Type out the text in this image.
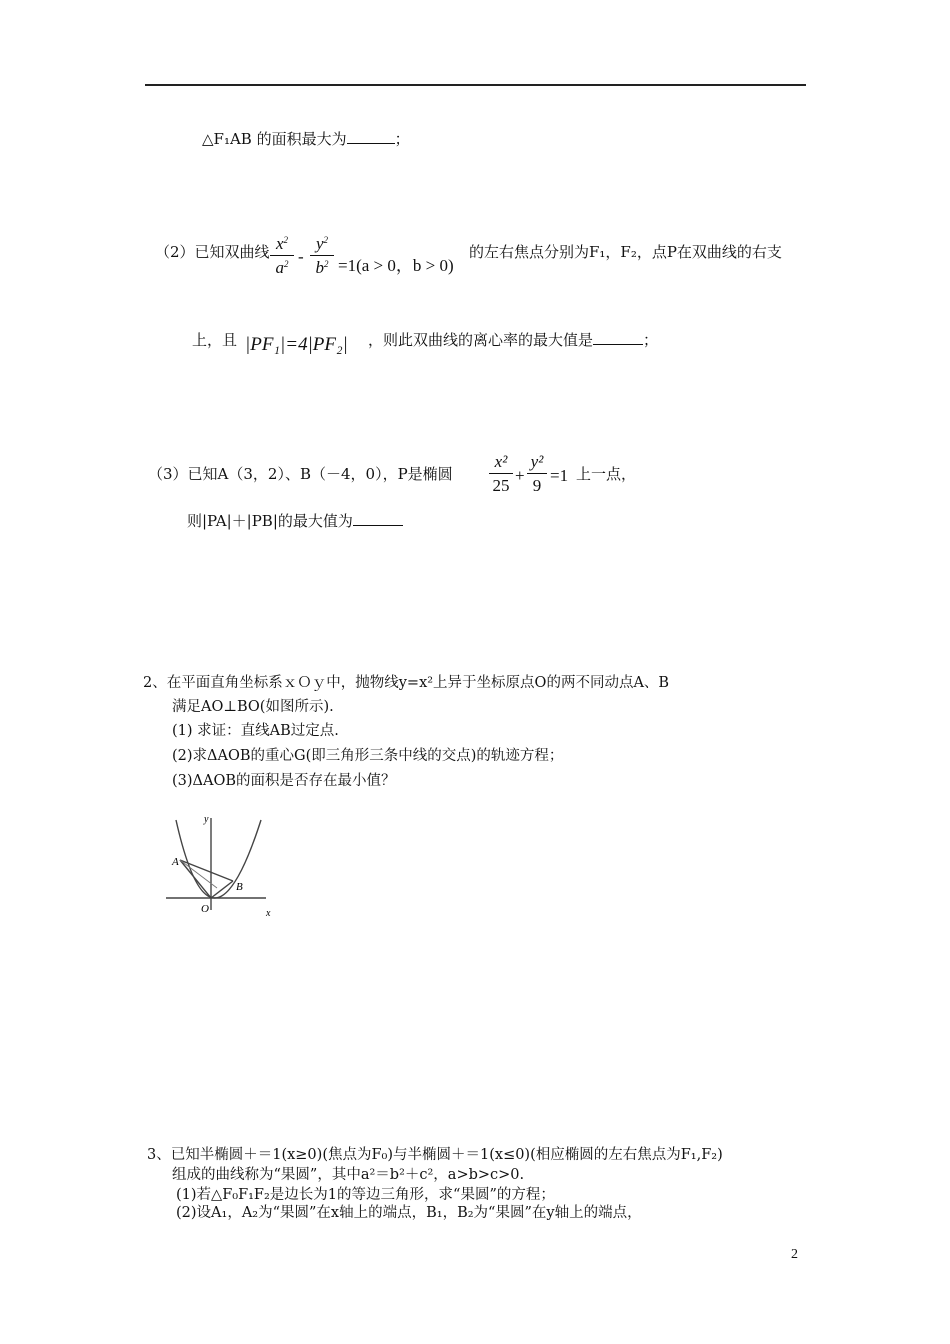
△F₁AB 的面积最大为	；
（2）已知双曲线 $x^2$
$a^2$ -
$y^2$
$b^2 =1(a > 0$，b > 0)
的左右焦点分别为F₁，F₂，点P在双曲线的右支
上，且 |PF₁|=4|PF₂| ，则此双曲线的离心率的最大值是	；
（3）已知A（3，2）、B（－4，0），P是椭圆
x²
25
+
y²
9
=1 上一点，
则|PA|＋|PB|的最大值为
2、在平面直角坐标系ｘＯｙ中，抛物线y=x²上异于坐标原点O的两不同动点A、B
满足AO⊥BO(如图所示).
(1) 求证：直线AB过定点.
(2)求ΔAOB的重心G(即三角形三条中线的交点)的轨迹方程；
(3)ΔAOB的面积是否存在最小值？
y
x
A
B
O
3、已知半椭圆＋＝1(x≥0)(焦点为F₀)与半椭圆＋＝1(x≤0)(相应椭圆的左右焦点为F₁,F₂)
组成的曲线称为“果圆”，其中a²＝b²＋c²，a>b>c>0.
(1)若△F₀F₁F₂是边长为1的等边三角形，求“果圆”的方程；
(2)设A₁，A₂为“果圆”在x轴上的端点，B₁，B₂为“果圆”在y轴上的端点，
2
